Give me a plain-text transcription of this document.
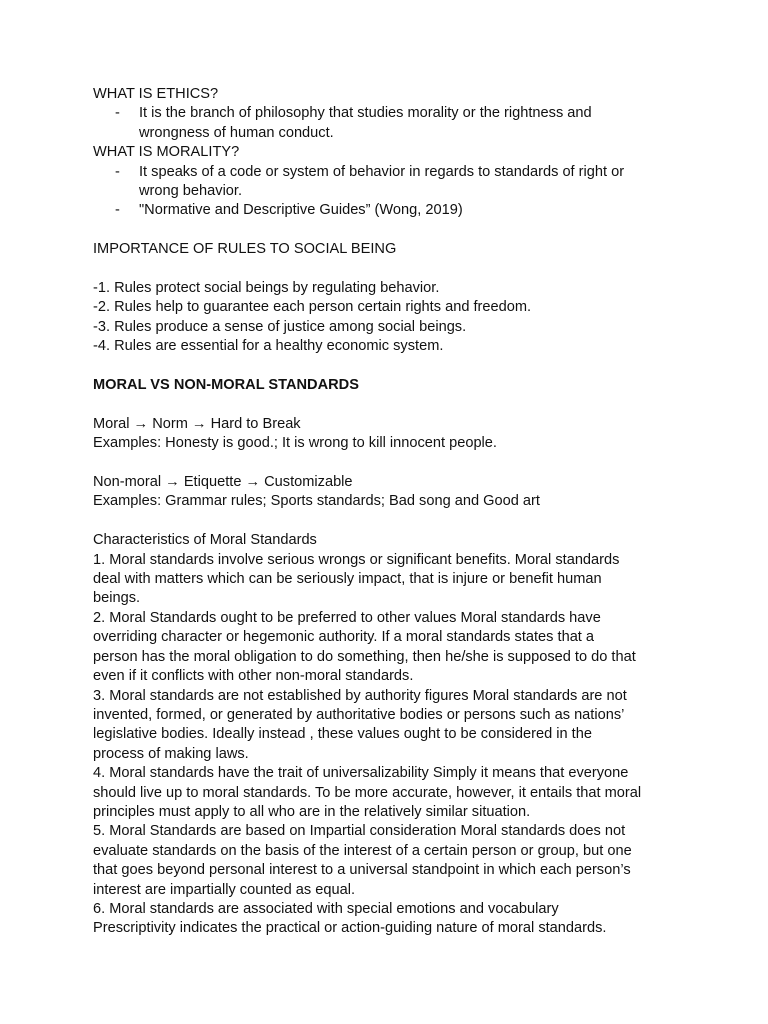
WHAT IS ETHICS?
- It is the branch of philosophy that studies morality or the rightness and
wrongness of human conduct.
WHAT IS MORALITY?
- It speaks of a code or system of behavior in regards to standards of right or
wrong behavior.
- "Normative and Descriptive Guides” (Wong, 2019)
IMPORTANCE OF RULES TO SOCIAL BEING
-1. Rules protect social beings by regulating behavior.
-2. Rules help to guarantee each person certain rights and freedom.
-3. Rules produce a sense of justice among social beings.
-4. Rules are essential for a healthy economic system.
MORAL VS NON-MORAL STANDARDS
Moral → Norm → Hard to Break
Examples: Honesty is good.; It is wrong to kill innocent people.
Non-moral → Etiquette → Customizable
Examples: Grammar rules; Sports standards; Bad song and Good art
Characteristics of Moral Standards
1. Moral standards involve serious wrongs or significant benefits. Moral standards
deal with matters which can be seriously impact, that is injure or benefit human
beings.
2. Moral Standards ought to be preferred to other values Moral standards have
overriding character or hegemonic authority. If a moral standards states that a
person has the moral obligation to do something, then he/she is supposed to do that
even if it conflicts with other non-moral standards.
3. Moral standards are not established by authority figures Moral standards are not
invented, formed, or generated by authoritative bodies or persons such as nations’
legislative bodies. Ideally instead , these values ought to be considered in the
process of making laws.
4. Moral standards have the trait of universalizability Simply it means that everyone
should live up to moral standards. To be more accurate, however, it entails that moral
principles must apply to all who are in the relatively similar situation.
5. Moral Standards are based on Impartial consideration Moral standards does not
evaluate standards on the basis of the interest of a certain person or group, but one
that goes beyond personal interest to a universal standpoint in which each person’s
interest are impartially counted as equal.
6. Moral standards are associated with special emotions and vocabulary
Prescriptivity indicates the practical or action-guiding nature of moral standards.
